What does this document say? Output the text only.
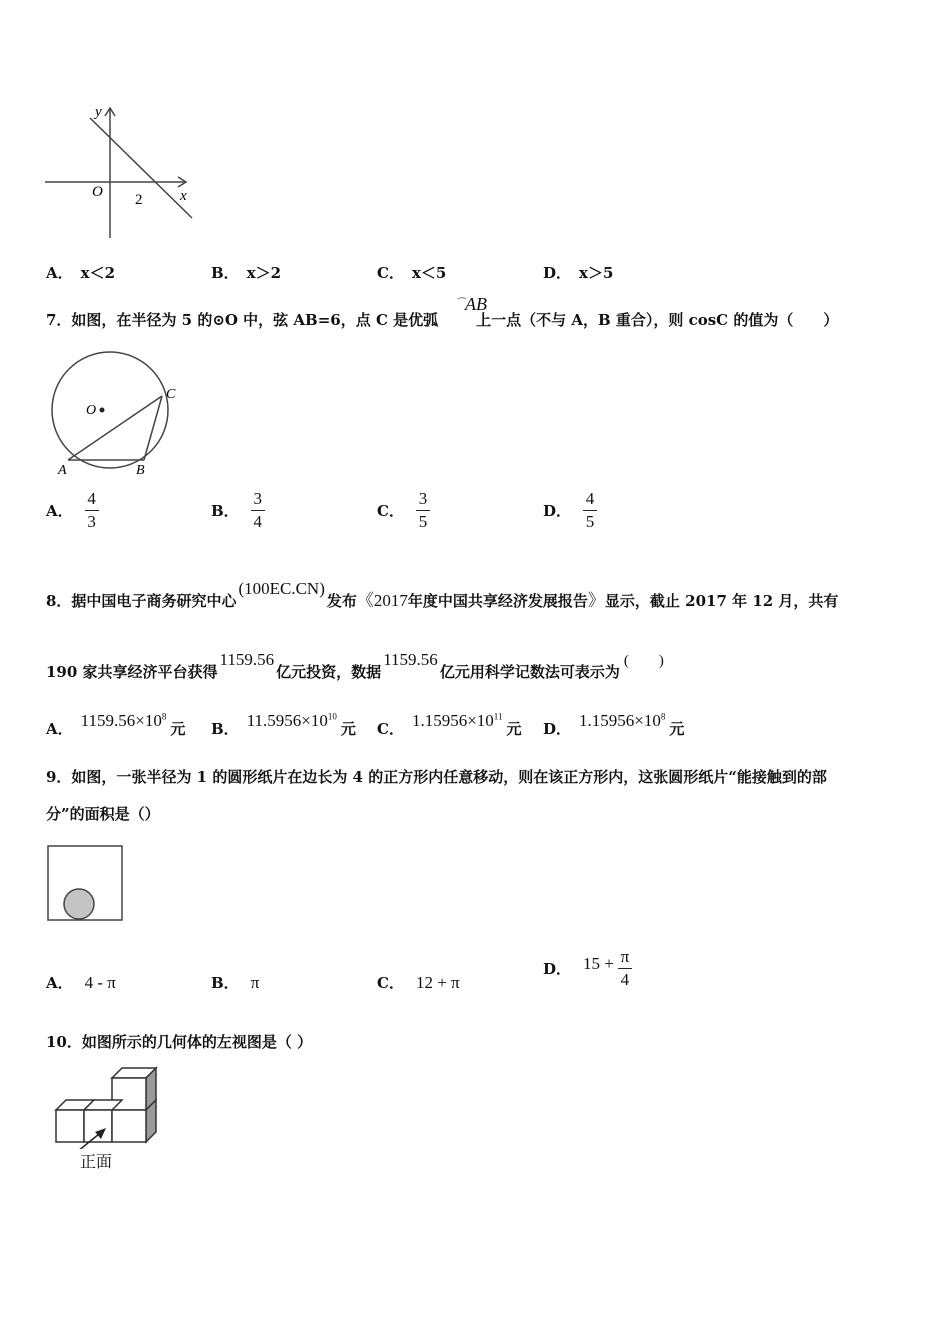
y
x
O 2
A． x＜2	B． x＞2	C． x＜5	D． x＞5
7．如图，在半径为 5 的⊙O 中，弦 AB=6，点 C 是优弧	上一点（不与 A，B 重合），则 cosC 的值为（　　）
⌒AB
O
C
A	B
A． $\frac{4}{3}$	B． $\frac{3}{4}$	C． $\frac{3}{5}$	D． $\frac{4}{5}$
8．据中国电子商务研究中心(100EC.CN)发布《2017年度中国共享经济发展报告》显示，截止 2017 年 12 月，共有
190 家共享经济平台获得1159.56亿元投资，数据1159.56亿元用科学记数法可表示为(　　)
A． $1159.56\times 10^8$元 B． $11.5956\times 10^{10}$元 C． $1.15956\times 10^{11}$元 D． $1.15956\times 10^8$元
9．如图，一张半径为 1 的圆形纸片在边长为 4 的正方形内任意移动，则在该正方形内，这张圆形纸片“能接触到的部
分”的面积是（）
A． 4 - π	B． π	C． 12 + π
D． $15 + \frac{\pi}{4}$
10．如图所示的几何体的左视图是（ ）
正面
